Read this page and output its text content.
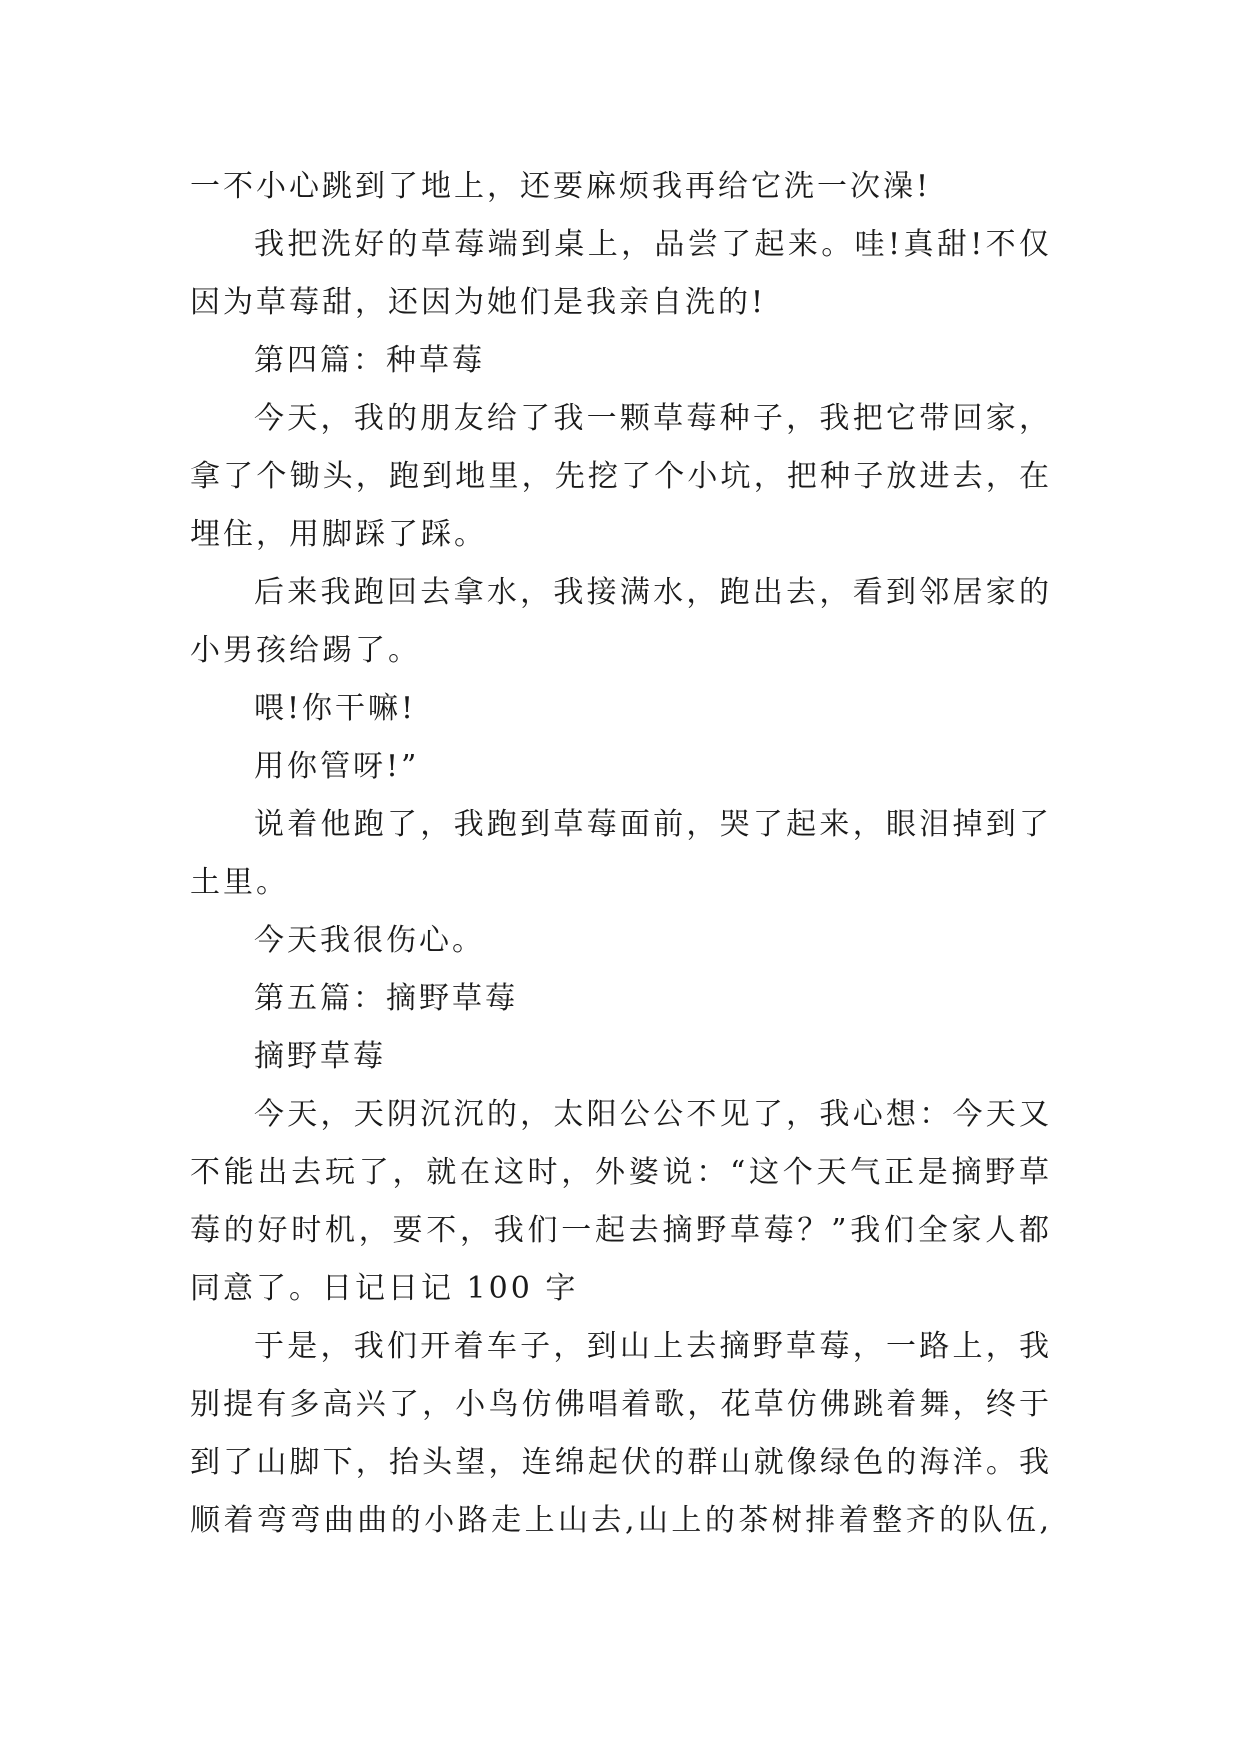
一不小心跳到了地上，还要麻烦我再给它洗一次澡!
我把洗好的草莓端到桌上，品尝了起来。哇!真甜!不仅
因为草莓甜，还因为她们是我亲自洗的!
第四篇：种草莓
今天，我的朋友给了我一颗草莓种子，我把它带回家，
拿了个锄头，跑到地里，先挖了个小坑，把种子放进去，在
埋住，用脚踩了踩。
后来我跑回去拿水，我接满水，跑出去，看到邻居家的
小男孩给踢了。
喂!你干嘛!
用你管呀!”
说着他跑了，我跑到草莓面前，哭了起来，眼泪掉到了
土里。
今天我很伤心。
第五篇：摘野草莓
摘野草莓
今天，天阴沉沉的，太阳公公不见了，我心想：今天又
不能出去玩了，就在这时，外婆说：“这个天气正是摘野草
莓的好时机，要不，我们一起去摘野草莓？”我们全家人都
同意了。日记日记 100 字
于是，我们开着车子，到山上去摘野草莓，一路上，我
别提有多高兴了，小鸟仿佛唱着歌，花草仿佛跳着舞，终于
到了山脚下，抬头望，连绵起伏的群山就像绿色的海洋。我
顺着弯弯曲曲的小路走上山去,山上的茶树排着整齐的队伍,
